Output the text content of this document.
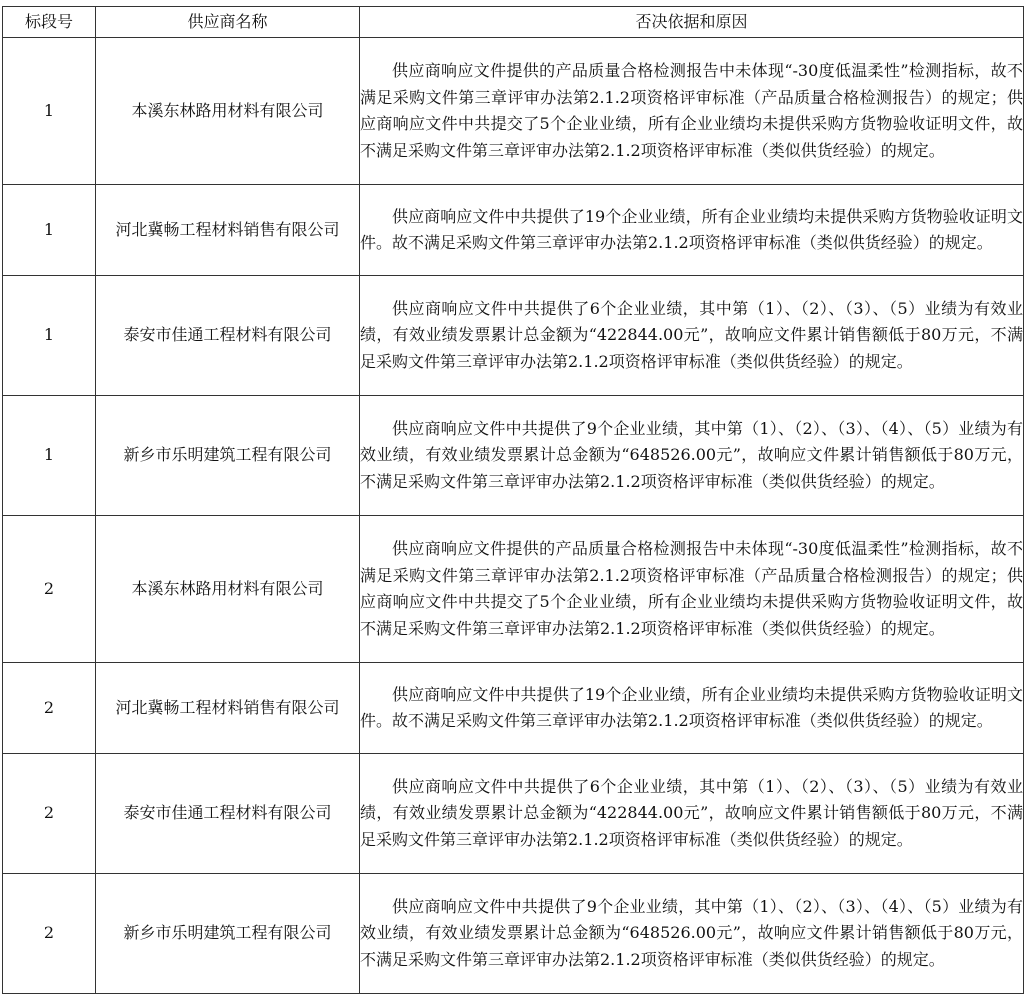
标段号	供应商名称	否决依据和原因
1	本溪东林路用材料有限公司	供应商响应文件提供的产品质量合格检测报告中未体现“-30度低温柔性”检测指标，故不满足采购文件第三章评审办法第2.1.2项资格评审标准（产品质量合格检测报告）的规定；供应商响应文件中共提交了5个企业业绩，所有企业业绩均未提供采购方货物验收证明文件，故不满足采购文件第三章评审办法第2.1.2项资格评审标准（类似供货经验）的规定。
1	河北冀畅工程材料销售有限公司	供应商响应文件中共提供了19个企业业绩，所有企业业绩均未提供采购方货物验收证明文件。故不满足采购文件第三章评审办法第2.1.2项资格评审标准（类似供货经验）的规定。
1	泰安市佳通工程材料有限公司	供应商响应文件中共提供了6个企业业绩，其中第（1）、（2）、（3）、（5）业绩为有效业绩，有效业绩发票累计总金额为“422844.00元”，故响应文件累计销售额低于80万元，不满足采购文件第三章评审办法第2.1.2项资格评审标准（类似供货经验）的规定。
1	新乡市乐明建筑工程有限公司	供应商响应文件中共提供了9个企业业绩，其中第（1）、（2）、（3）、（4）、（5）业绩为有效业绩，有效业绩发票累计总金额为“648526.00元”，故响应文件累计销售额低于80万元，不满足采购文件第三章评审办法第2.1.2项资格评审标准（类似供货经验）的规定。
2	本溪东林路用材料有限公司	供应商响应文件提供的产品质量合格检测报告中未体现“-30度低温柔性”检测指标，故不满足采购文件第三章评审办法第2.1.2项资格评审标准（产品质量合格检测报告）的规定；供应商响应文件中共提交了5个企业业绩，所有企业业绩均未提供采购方货物验收证明文件，故不满足采购文件第三章评审办法第2.1.2项资格评审标准（类似供货经验）的规定。
2	河北冀畅工程材料销售有限公司	供应商响应文件中共提供了19个企业业绩，所有企业业绩均未提供采购方货物验收证明文件。故不满足采购文件第三章评审办法第2.1.2项资格评审标准（类似供货经验）的规定。
2	泰安市佳通工程材料有限公司	供应商响应文件中共提供了6个企业业绩，其中第（1）、（2）、（3）、（5）业绩为有效业绩，有效业绩发票累计总金额为“422844.00元”，故响应文件累计销售额低于80万元，不满足采购文件第三章评审办法第2.1.2项资格评审标准（类似供货经验）的规定。
2	新乡市乐明建筑工程有限公司	供应商响应文件中共提供了9个企业业绩，其中第（1）、（2）、（3）、（4）、（5）业绩为有效业绩，有效业绩发票累计总金额为“648526.00元”，故响应文件累计销售额低于80万元，不满足采购文件第三章评审办法第2.1.2项资格评审标准（类似供货经验）的规定。
